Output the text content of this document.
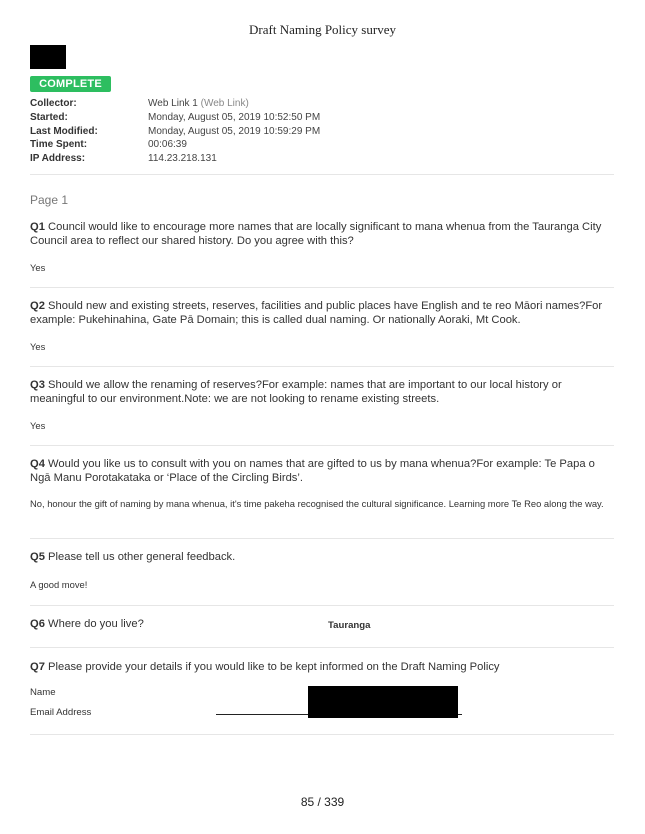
Draft Naming Policy survey
COMPLETE
Collector:	Web Link 1 (Web Link)
Started:	Monday, August 05, 2019 10:52:50 PM
Last Modified:	Monday, August 05, 2019 10:59:29 PM
Time Spent:	00:06:39
IP Address:	114.23.218.131
Page 1
Q1 Council would like to encourage more names that are locally significant to mana whenua from the Tauranga City Council area to reflect our shared history. Do you agree with this?
Yes
Q2 Should new and existing streets, reserves, facilities and public places have English and te reo Māori names?For example: Pukehinahina, Gate Pā Domain; this is called dual naming. Or nationally Aoraki, Mt Cook.
Yes
Q3 Should we allow the renaming of reserves?For example: names that are important to our local history or meaningful to our environment.Note: we are not looking to rename existing streets.
Yes
Q4 Would you like us to consult with you on names that are gifted to us by mana whenua?For example: Te Papa o Ngā Manu Porotakataka or ‘Place of the Circling Birds’.
No, honour the gift of naming by mana whenua, it's time pakeha recognised the cultural significance. Learning more Te Reo along the way.
Q5 Please tell us other general feedback.
A good move!
Q6 Where do you live?	Tauranga
Q7 Please provide your details if you would like to be kept informed on the Draft Naming Policy
Name
Email Address
85 / 339
